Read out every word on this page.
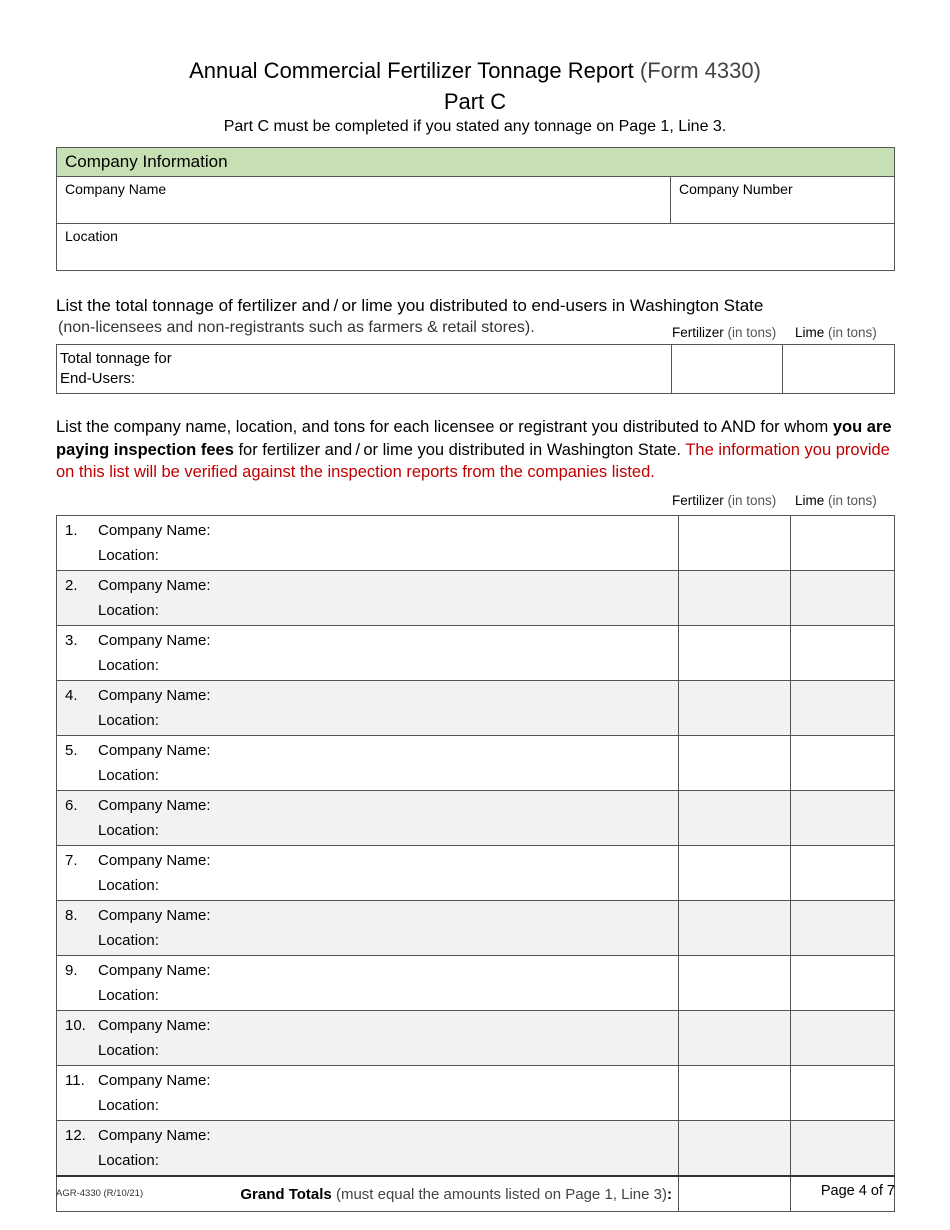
Annual Commercial Fertilizer Tonnage Report (Form 4330)
Part C
Part C must be completed if you stated any tonnage on Page 1, Line 3.
Company Information
Company Name	Company Number
Location
List the total tonnage of fertilizer and / or lime you distributed to end-users in Washington State
(non-licensees and non-registrants such as farmers & retail stores).	Fertilizer (in tons) Lime (in tons)
Total tonnage for
End-Users:		
List the company name, location, and tons for each licensee or registrant you distributed to AND for whom you are paying inspection fees for fertilizer and / or lime you distributed in Washington State. The information you provide on this list will be verified against the inspection reports from the companies listed.
Fertilizer (in tons) Lime (in tons)
1. Company Name:
Location:		
2. Company Name:
Location:		
3. Company Name:
Location:		
4. Company Name:
Location:		
5. Company Name:
Location:		
6. Company Name:
Location:		
7. Company Name:
Location:		
8. Company Name:
Location:		
9. Company Name:
Location:		
10. Company Name:
Location:		
11. Company Name:
Location:		
12. Company Name:
Location:		
Grand Totals (must equal the amounts listed on Page 1, Line 3):		
AGR-4330 (R/10/21)	Page 4 of 7
